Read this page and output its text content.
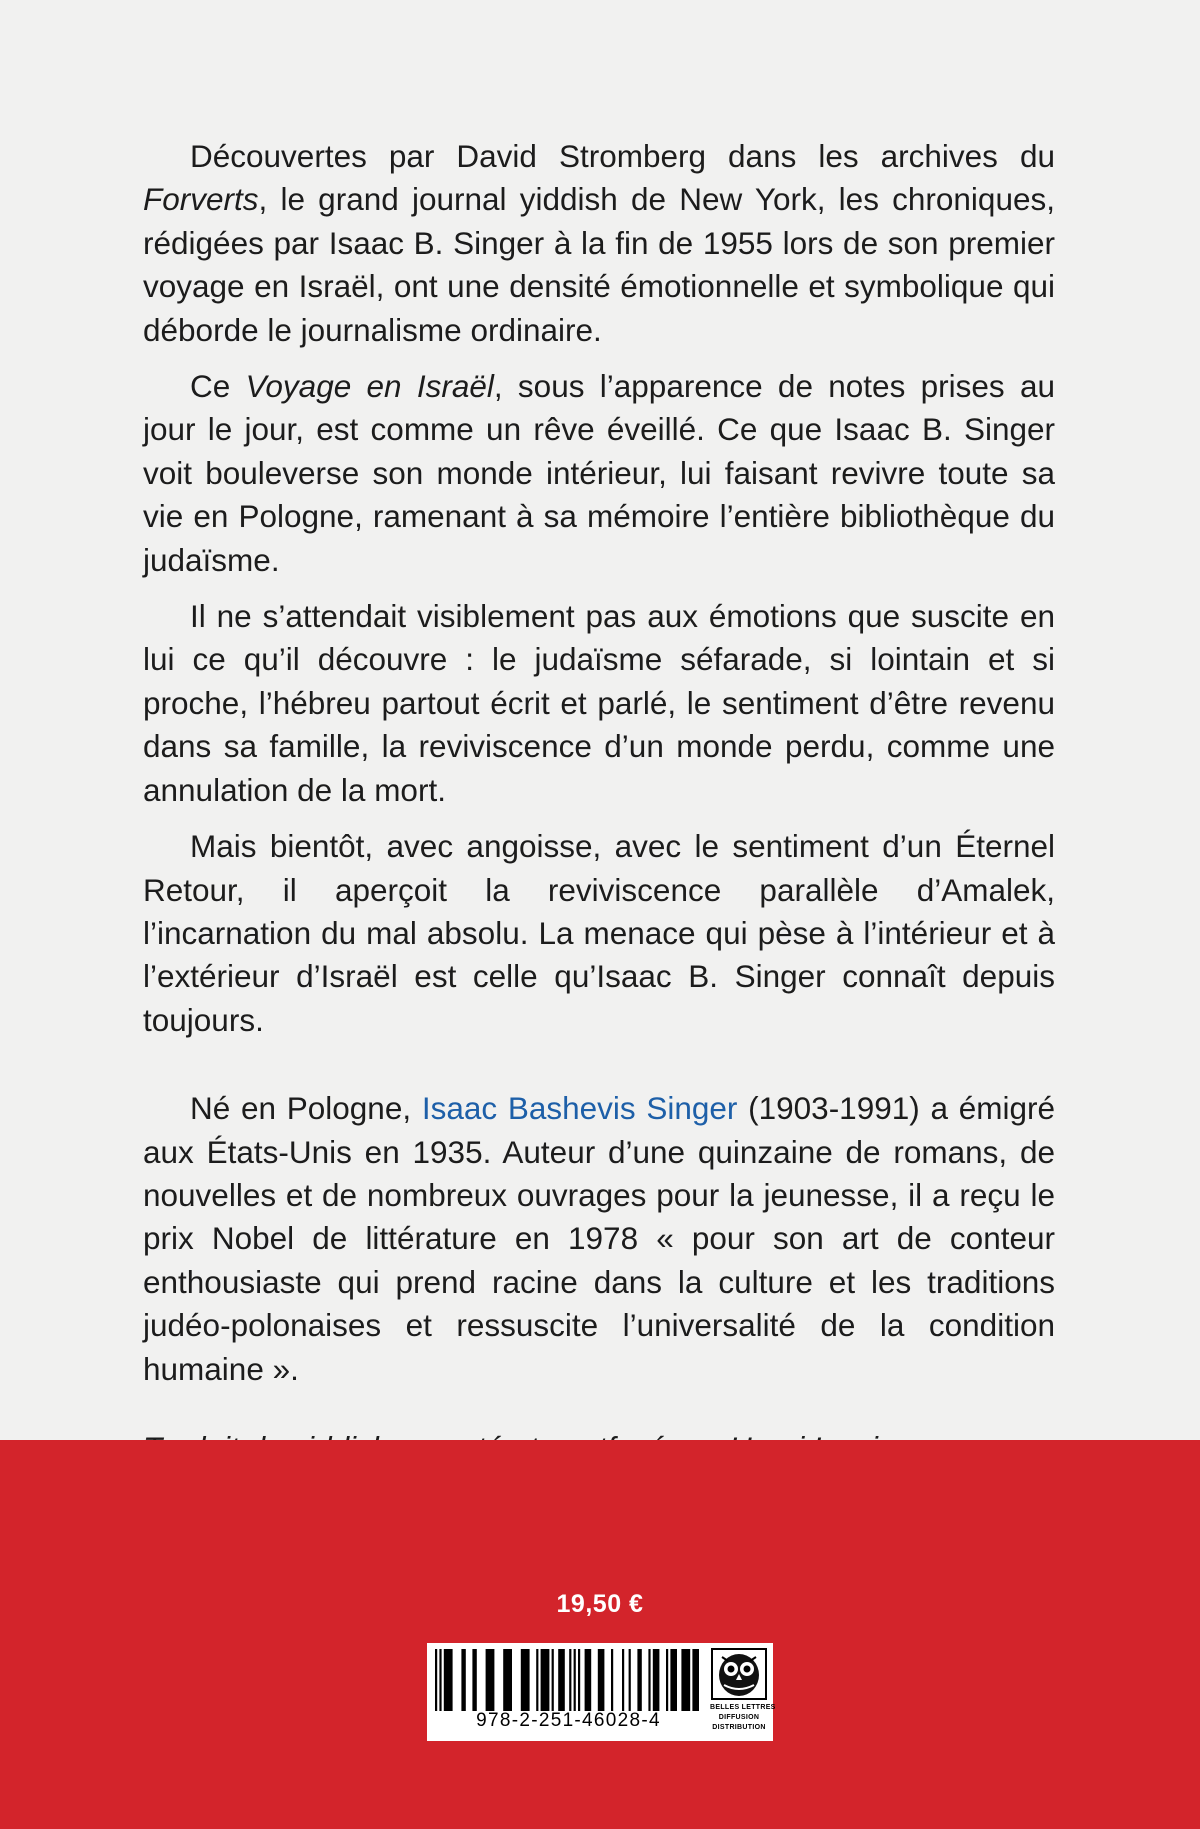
Découvertes par David Stromberg dans les archives du Forverts, le grand journal yiddish de New York, les chroniques, rédigées par Isaac B. Singer à la fin de 1955 lors de son premier voyage en Israël, ont une densité émotionnelle et symbolique qui déborde le journalisme ordinaire.

Ce Voyage en Israël, sous l’apparence de notes prises au jour le jour, est comme un rêve éveillé. Ce que Isaac B. Singer voit bouleverse son monde intérieur, lui faisant revivre toute sa vie en Pologne, ramenant à sa mémoire l’entière bibliothèque du judaïsme.

Il ne s’attendait visiblement pas aux émotions que suscite en lui ce qu’il découvre : le judaïsme séfarade, si lointain et si proche, l’hébreu partout écrit et parlé, le sentiment d’être revenu dans sa famille, la reviviscence d’un monde perdu, comme une annulation de la mort.

Mais bientôt, avec angoisse, avec le sentiment d’un Éternel Retour, il aperçoit la reviviscence parallèle d’Amalek, l’incarnation du mal absolu. La menace qui pèse à l’intérieur et à l’extérieur d’Israël est celle qu’Isaac B. Singer connaît depuis toujours.

Né en Pologne, Isaac Bashevis Singer (1903-1991) a émigré aux États-Unis en 1935. Auteur d’une quinzaine de romans, de nouvelles et de nombreux ouvrages pour la jeunesse, il a reçu le prix Nobel de littérature en 1978 « pour son art de conteur enthousiaste qui prend racine dans la culture et les traditions judéo-polonaises et ressuscite l’universalité de la condition humaine ».

19,50 €
978-2-251-46028-4
BELLES LETTRES
DIFFUSION
DISTRIBUTION
